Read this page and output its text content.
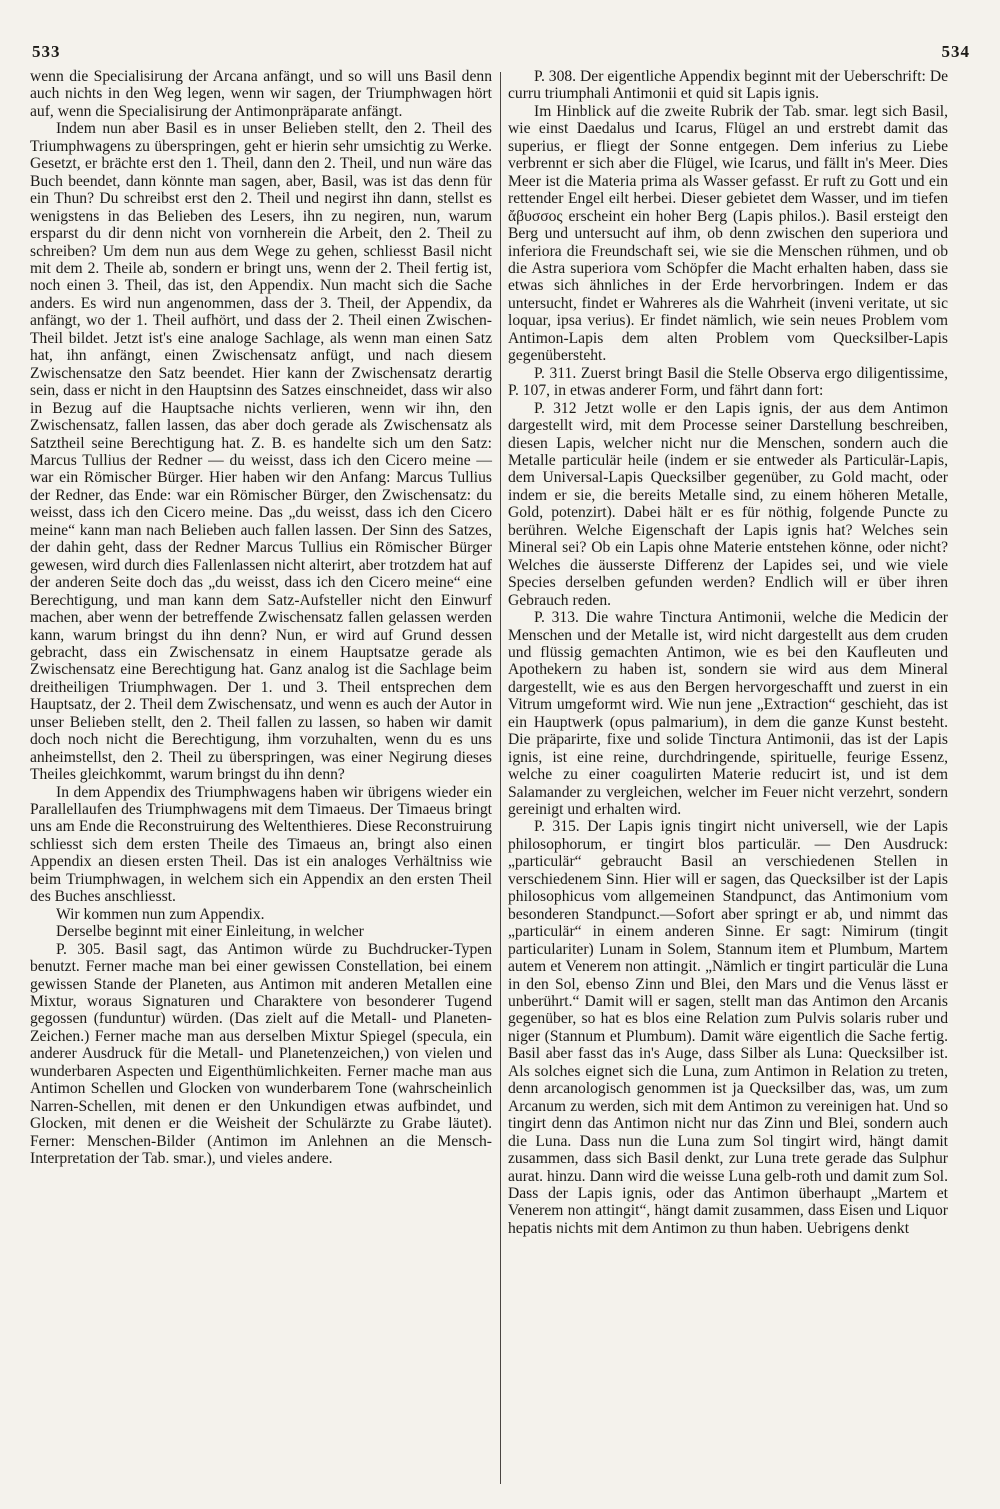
533	534

wenn die Specialisirung der Arcana anfängt, und so will uns Basil denn auch nichts in den Weg legen, wenn wir sagen, der Triumphwagen hört auf, wenn die Specialisirung der Antimonpräparate anfängt.

Indem nun aber Basil es in unser Belieben stellt, den 2. Theil des Triumphwagens zu überspringen, geht er hierin sehr umsichtig zu Werke. Gesetzt, er brächte erst den 1. Theil, dann den 2. Theil, und nun wäre das Buch beendet, dann könnte man sagen, aber, Basil, was ist das denn für ein Thun? Du schreibst erst den 2. Theil und negirst ihn dann, stellst es wenigstens in das Belieben des Lesers, ihn zu negiren, nun, warum ersparst du dir denn nicht von vornherein die Arbeit, den 2. Theil zu schreiben? Um dem nun aus dem Wege zu gehen, schliesst Basil nicht mit dem 2. Theile ab, sondern er bringt uns, wenn der 2. Theil fertig ist, noch einen 3. Theil, das ist, den Appendix. Nun macht sich die Sache anders. Es wird nun angenommen, dass der 3. Theil, der Appendix, da anfängt, wo der 1. Theil aufhört, und dass der 2. Theil einen Zwischen-Theil bildet. Jetzt ist's eine analoge Sachlage, als wenn man einen Satz hat, ihn anfängt, einen Zwischensatz anfügt, und nach diesem Zwischensatze den Satz beendet. Hier kann der Zwischensatz derartig sein, dass er nicht in den Hauptsinn des Satzes einschneidet, dass wir also in Bezug auf die Hauptsache nichts verlieren, wenn wir ihn, den Zwischensatz, fallen lassen, das aber doch gerade als Zwischensatz als Satztheil seine Berechtigung hat. Z. B. es handelte sich um den Satz: Marcus Tullius der Redner — du weisst, dass ich den Cicero meine — war ein Römischer Bürger. Hier haben wir den Anfang: Marcus Tullius der Redner, das Ende: war ein Römischer Bürger, den Zwischensatz: du weisst, dass ich den Cicero meine. Das „du weisst, dass ich den Cicero meine“ kann man nach Belieben auch fallen lassen. Der Sinn des Satzes, der dahin geht, dass der Redner Marcus Tullius ein Römischer Bürger gewesen, wird durch dies Fallenlassen nicht alterirt, aber trotzdem hat auf der anderen Seite doch das „du weisst, dass ich den Cicero meine“ eine Berechtigung, und man kann dem Satz-Aufsteller nicht den Einwurf machen, aber wenn der betreffende Zwischensatz fallen gelassen werden kann, warum bringst du ihn denn? Nun, er wird auf Grund dessen gebracht, dass ein Zwischensatz in einem Hauptsatze gerade als Zwischensatz eine Berechtigung hat. Ganz analog ist die Sachlage beim dreitheiligen Triumphwagen. Der 1. und 3. Theil entsprechen dem Hauptsatz, der 2. Theil dem Zwischensatz, und wenn es auch der Autor in unser Belieben stellt, den 2. Theil fallen zu lassen, so haben wir damit doch noch nicht die Berechtigung, ihm vorzuhalten, wenn du es uns anheimstellst, den 2. Theil zu überspringen, was einer Negirung dieses Theiles gleichkommt, warum bringst du ihn denn?

In dem Appendix des Triumphwagens haben wir übrigens wieder ein Parallellaufen des Triumphwagens mit dem Timaeus. Der Timaeus bringt uns am Ende die Reconstruirung des Weltenthieres. Diese Reconstruirung schliesst sich dem ersten Theile des Timaeus an, bringt also einen Appendix an diesen ersten Theil. Das ist ein analoges Verhältniss wie beim Triumphwagen, in welchem sich ein Appendix an den ersten Theil des Buches anschliesst.

Wir kommen nun zum Appendix.

Derselbe beginnt mit einer Einleitung, in welcher

P. 305. Basil sagt, das Antimon würde zu Buchdrucker-Typen benutzt. Ferner mache man bei einer gewissen Constellation, bei einem gewissen Stande der Planeten, aus Antimon mit anderen Metallen eine Mixtur, woraus Signaturen und Charaktere von besonderer Tugend gegossen (funduntur) würden. (Das zielt auf die Metall- und Planeten-Zeichen.) Ferner mache man aus derselben Mixtur Spiegel (specula, ein anderer Ausdruck für die Metall- und Planetenzeichen,) von vielen und wunderbaren Aspecten und Eigenthümlichkeiten. Ferner mache man aus Antimon Schellen und Glocken von wunderbarem Tone (wahrscheinlich Narren-Schellen, mit denen er den Unkundigen etwas aufbindet, und Glocken, mit denen er die Weisheit der Schulärzte zu Grabe läutet). Ferner: Menschen-Bilder (Antimon im Anlehnen an die Mensch-Interpretation der Tab. smar.), und vieles andere.

P. 308. Der eigentliche Appendix beginnt mit der Ueberschrift: De curru triumphali Antimonii et quid sit Lapis ignis.

Im Hinblick auf die zweite Rubrik der Tab. smar. legt sich Basil, wie einst Daedalus und Icarus, Flügel an und erstrebt damit das superius, er fliegt der Sonne entgegen. Dem inferius zu Liebe verbrennt er sich aber die Flügel, wie Icarus, und fällt in's Meer. Dies Meer ist die Materia prima als Wasser gefasst. Er ruft zu Gott und ein rettender Engel eilt herbei. Dieser gebietet dem Wasser, und im tiefen ἄβυσσος erscheint ein hoher Berg (Lapis philos.). Basil ersteigt den Berg und untersucht auf ihm, ob denn zwischen den superiora und inferiora die Freundschaft sei, wie sie die Menschen rühmen, und ob die Astra superiora vom Schöpfer die Macht erhalten haben, dass sie etwas sich ähnliches in der Erde hervorbringen. Indem er das untersucht, findet er Wahreres als die Wahrheit (inveni veritate, ut sic loquar, ipsa verius). Er findet nämlich, wie sein neues Problem vom Antimon-Lapis dem alten Problem vom Quecksilber-Lapis gegenübersteht.

P. 311. Zuerst bringt Basil die Stelle Observa ergo diligentissime, P. 107, in etwas anderer Form, und fährt dann fort:

P. 312 Jetzt wolle er den Lapis ignis, der aus dem Antimon dargestellt wird, mit dem Processe seiner Darstellung beschreiben, diesen Lapis, welcher nicht nur die Menschen, sondern auch die Metalle particulär heile (indem er sie entweder als Particulär-Lapis, dem Universal-Lapis Quecksilber gegenüber, zu Gold macht, oder indem er sie, die bereits Metalle sind, zu einem höheren Metalle, Gold, potenzirt). Dabei hält er es für nöthig, folgende Puncte zu berühren. Welche Eigenschaft der Lapis ignis hat? Welches sein Mineral sei? Ob ein Lapis ohne Materie entstehen könne, oder nicht? Welches die äusserste Differenz der Lapides sei, und wie viele Species derselben gefunden werden? Endlich will er über ihren Gebrauch reden.

P. 313. Die wahre Tinctura Antimonii, welche die Medicin der Menschen und der Metalle ist, wird nicht dargestellt aus dem cruden und flüssig gemachten Antimon, wie es bei den Kaufleuten und Apothekern zu haben ist, sondern sie wird aus dem Mineral dargestellt, wie es aus den Bergen hervorgeschafft und zuerst in ein Vitrum umgeformt wird. Wie nun jene „Extraction“ geschieht, das ist ein Hauptwerk (opus palmarium), in dem die ganze Kunst besteht. Die präparirte, fixe und solide Tinctura Antimonii, das ist der Lapis ignis, ist eine reine, durchdringende, spirituelle, feurige Essenz, welche zu einer coagulirten Materie reducirt ist, und ist dem Salamander zu vergleichen, welcher im Feuer nicht verzehrt, sondern gereinigt und erhalten wird.

P. 315. Der Lapis ignis tingirt nicht universell, wie der Lapis philosophorum, er tingirt blos particulär. — Den Ausdruck: „particulär“ gebraucht Basil an verschiedenen Stellen in verschiedenem Sinn. Hier will er sagen, das Quecksilber ist der Lapis philosophicus vom allgemeinen Standpunct, das Antimonium vom besonderen Standpunct.—Sofort aber springt er ab, und nimmt das „particulär“ in einem anderen Sinne. Er sagt: Nimirum (tingit particulariter) Lunam in Solem, Stannum item et Plumbum, Martem autem et Venerem non attingit. „Nämlich er tingirt particulär die Luna in den Sol, ebenso Zinn und Blei, den Mars und die Venus lässt er unberührt.“ Damit will er sagen, stellt man das Antimon den Arcanis gegenüber, so hat es blos eine Relation zum Pulvis solaris ruber und niger (Stannum et Plumbum). Damit wäre eigentlich die Sache fertig. Basil aber fasst das in's Auge, dass Silber als Luna: Quecksilber ist. Als solches eignet sich die Luna, zum Antimon in Relation zu treten, denn arcanologisch genommen ist ja Quecksilber das, was, um zum Arcanum zu werden, sich mit dem Antimon zu vereinigen hat. Und so tingirt denn das Antimon nicht nur das Zinn und Blei, sondern auch die Luna. Dass nun die Luna zum Sol tingirt wird, hängt damit zusammen, dass sich Basil denkt, zur Luna trete gerade das Sulphur aurat. hinzu. Dann wird die weisse Luna gelb-roth und damit zum Sol. Dass der Lapis ignis, oder das Antimon überhaupt „Martem et Venerem non attingit“, hängt damit zusammen, dass Eisen und Liquor hepatis nichts mit dem Antimon zu thun haben. Uebrigens denkt
